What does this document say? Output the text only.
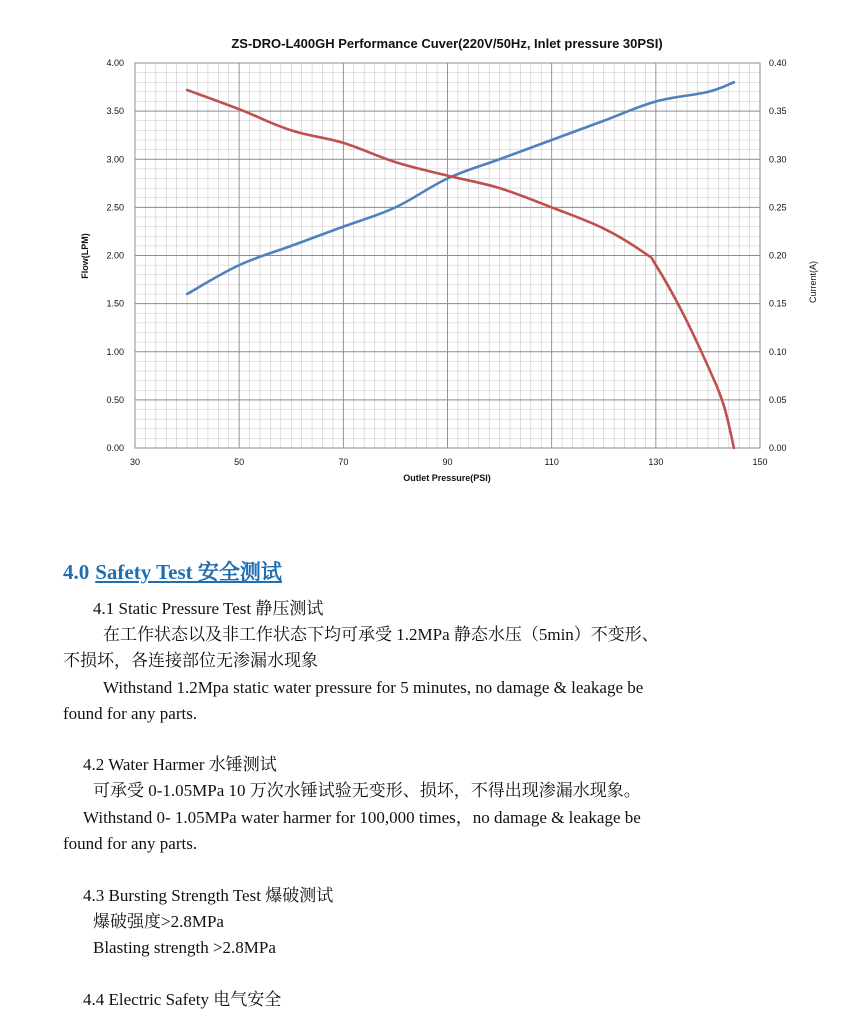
30	50	70	90	110	130	150
0.00
0.50
1.00
1.50
2.00
2.50
3.00
3.50
4.00
0.00
0.05
0.10
0.15
0.20
0.25
0.30
0.35
0.40
ZS-DRO-L400GH Performance Cuver(220V/50Hz, Inlet pressure 30PSI)
Outlet Pressure(PSI)
Flow(LPM)
Current(A)
4.0 Safety Test 安全测试
4.1 Static Pressure Test 静压测试
在工作状态以及非工作状态下均可承受 1.2MPa 静态水压（5min）不变形、
不损坏，各连接部位无渗漏水现象
Withstand 1.2Mpa static water pressure for 5 minutes, no damage & leakage be
found for any parts.
4.2 Water Harmer 水锤测试
可承受 0-1.05MPa 10 万次水锤试验无变形、损坏，不得出现渗漏水现象。
Withstand 0- 1.05MPa water harmer for 100,000 times，no damage & leakage be
found for any parts.
4.3 Bursting Strength Test 爆破测试
爆破强度>2.8MPa
Blasting strength >2.8MPa
4.4 Electric Safety 电气安全
